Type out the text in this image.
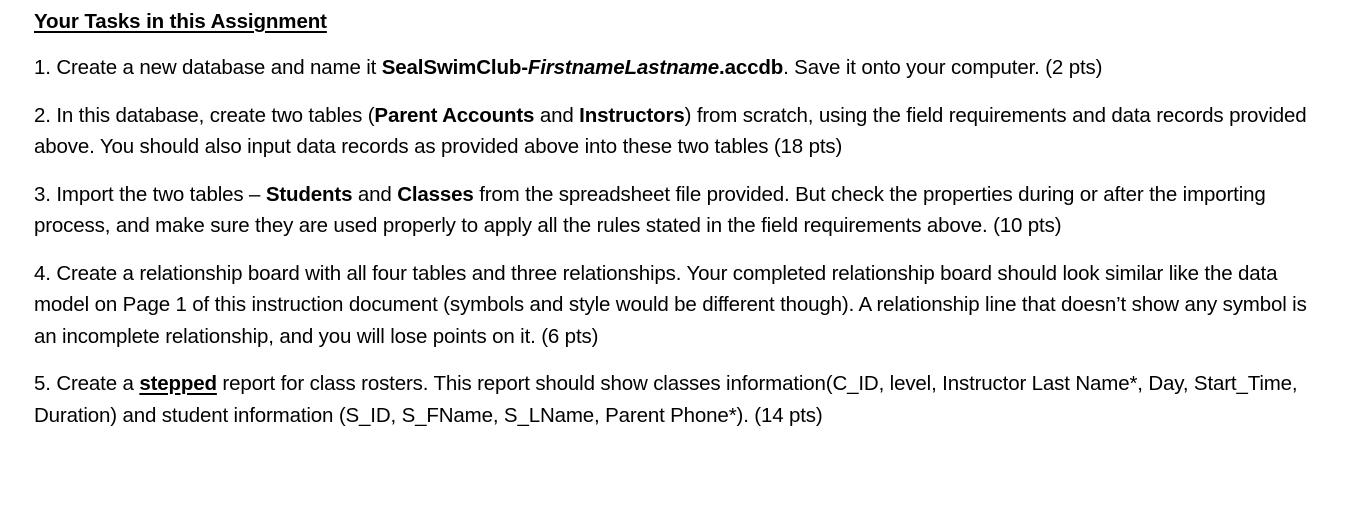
Your Tasks in this Assignment
1. Create a new database and name it SealSwimClub-FirstnameLastname.accdb. Save it onto your computer. (2 pts)
2. In this database, create two tables (Parent Accounts and Instructors) from scratch, using the field requirements and data records provided above. You should also input data records as provided above into these two tables (18 pts)
3. Import the two tables – Students and Classes from the spreadsheet file provided. But check the properties during or after the importing process, and make sure they are used properly to apply all the rules stated in the field requirements above. (10 pts)
4. Create a relationship board with all four tables and three relationships. Your completed relationship board should look similar like the data model on Page 1 of this instruction document (symbols and style would be different though). A relationship line that doesn’t show any symbol is an incomplete relationship, and you will lose points on it. (6 pts)
5. Create a stepped report for class rosters. This report should show classes information(C_ID, level, Instructor Last Name*, Day, Start_Time, Duration) and student information (S_ID, S_FName, S_LName, Parent Phone*). (14 pts)
